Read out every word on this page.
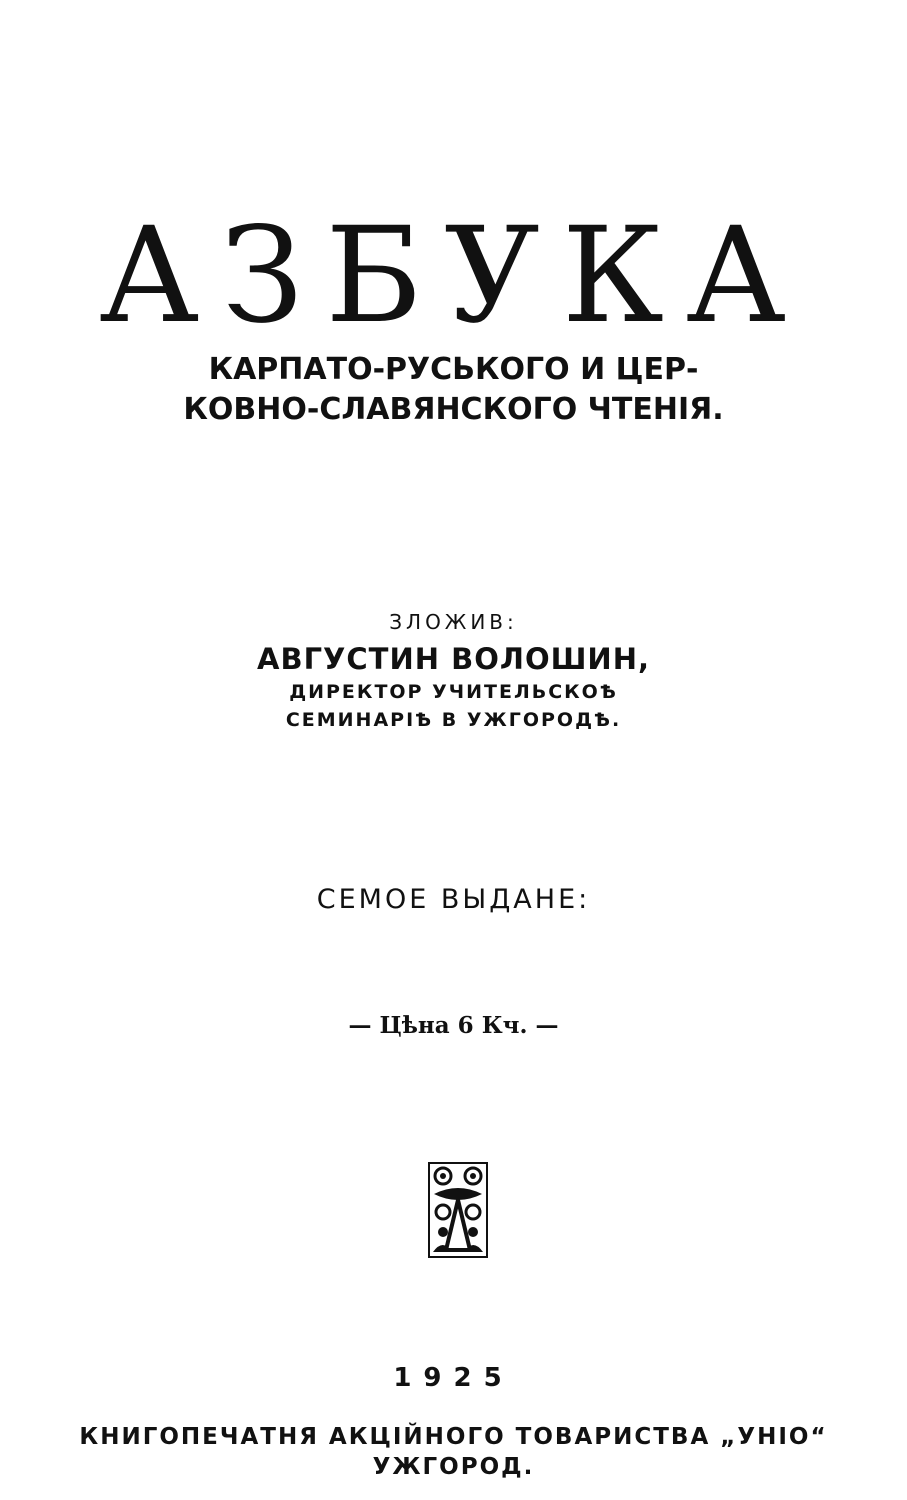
АЗБУКА
КАРПАТО-РУСЬКОГО И ЦЕР-
КОВНО-СЛАВЯНСКОГО ЧТЕНІЯ.
ЗЛОЖИВ:
АВГУСТИН ВОЛОШИН,
ДИРЕКТОР УЧИТЕЛЬСКОѢ
СЕМИНАРІѢ В УЖГОРОДѢ.
СЕМОЕ ВЫДАНЕ:
— Цѣна 6 Кч. —
1925
КНИГОПЕЧАТНЯ АКЦІЙНОГО ТОВАРИСТВА „УНІО“
УЖГОРОД.
